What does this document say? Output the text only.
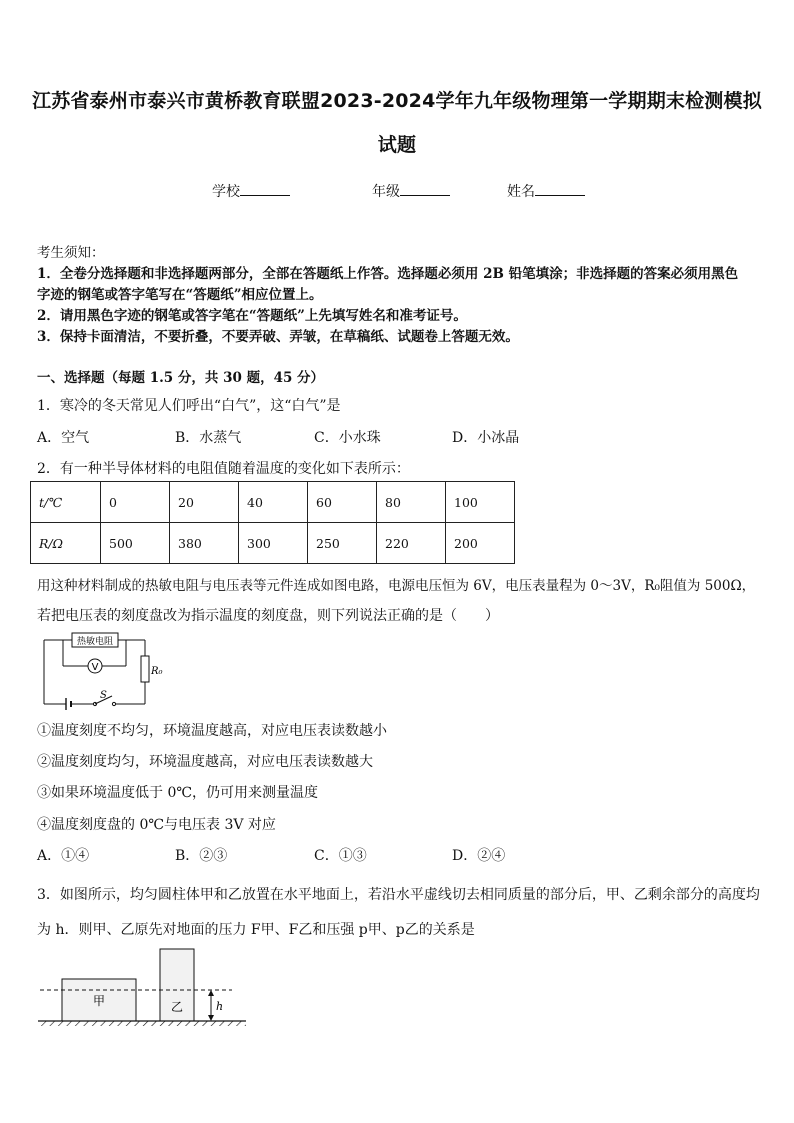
江苏省泰州市泰兴市黄桥教育联盟2023-2024学年九年级物理第一学期期末检测模拟
试题
学校	年级	姓名
考生须知：
1．全卷分选择题和非选择题两部分，全部在答题纸上作答。选择题必须用 2B 铅笔填涂；非选择题的答案必须用黑色
字迹的钢笔或答字笔写在“答题纸”相应位置上。
2．请用黑色字迹的钢笔或答字笔在“答题纸”上先填写姓名和准考证号。
3．保持卡面清洁，不要折叠，不要弄破、弄皱，在草稿纸、试题卷上答题无效。
一、选择题（每题 1.5 分，共 30 题，45 分）
1．寒冷的冬天常见人们呼出“白气”，这“白气”是
A．空气	B．水蒸气	C．小水珠	D．小冰晶
2．有一种半导体材料的电阻值随着温度的变化如下表所示：
t/℃	0	20	40	60	80	100
R/Ω	500	380	300	250	220	200
用这种材料制成的热敏电阻与电压表等元件连成如图电路，电源电压恒为 6V，电压表量程为 0～3V，R₀阻值为 500Ω，
若把电压表的刻度盘改为指示温度的刻度盘，则下列说法正确的是（　　）
热敏电阻
V	R₀
S
①温度刻度不均匀，环境温度越高，对应电压表读数越小
②温度刻度均匀，环境温度越高，对应电压表读数越大
③如果环境温度低于 0℃，仍可用来测量温度
④温度刻度盘的 0℃与电压表 3V 对应
A．①④	B．②③	C．①③	D．②④
3．如图所示，均匀圆柱体甲和乙放置在水平地面上，若沿水平虚线切去相同质量的部分后，甲、乙剩余部分的高度均
为 h．则甲、乙原先对地面的压力 F甲、F乙和压强 p甲、p乙的关系是
甲	乙	h
